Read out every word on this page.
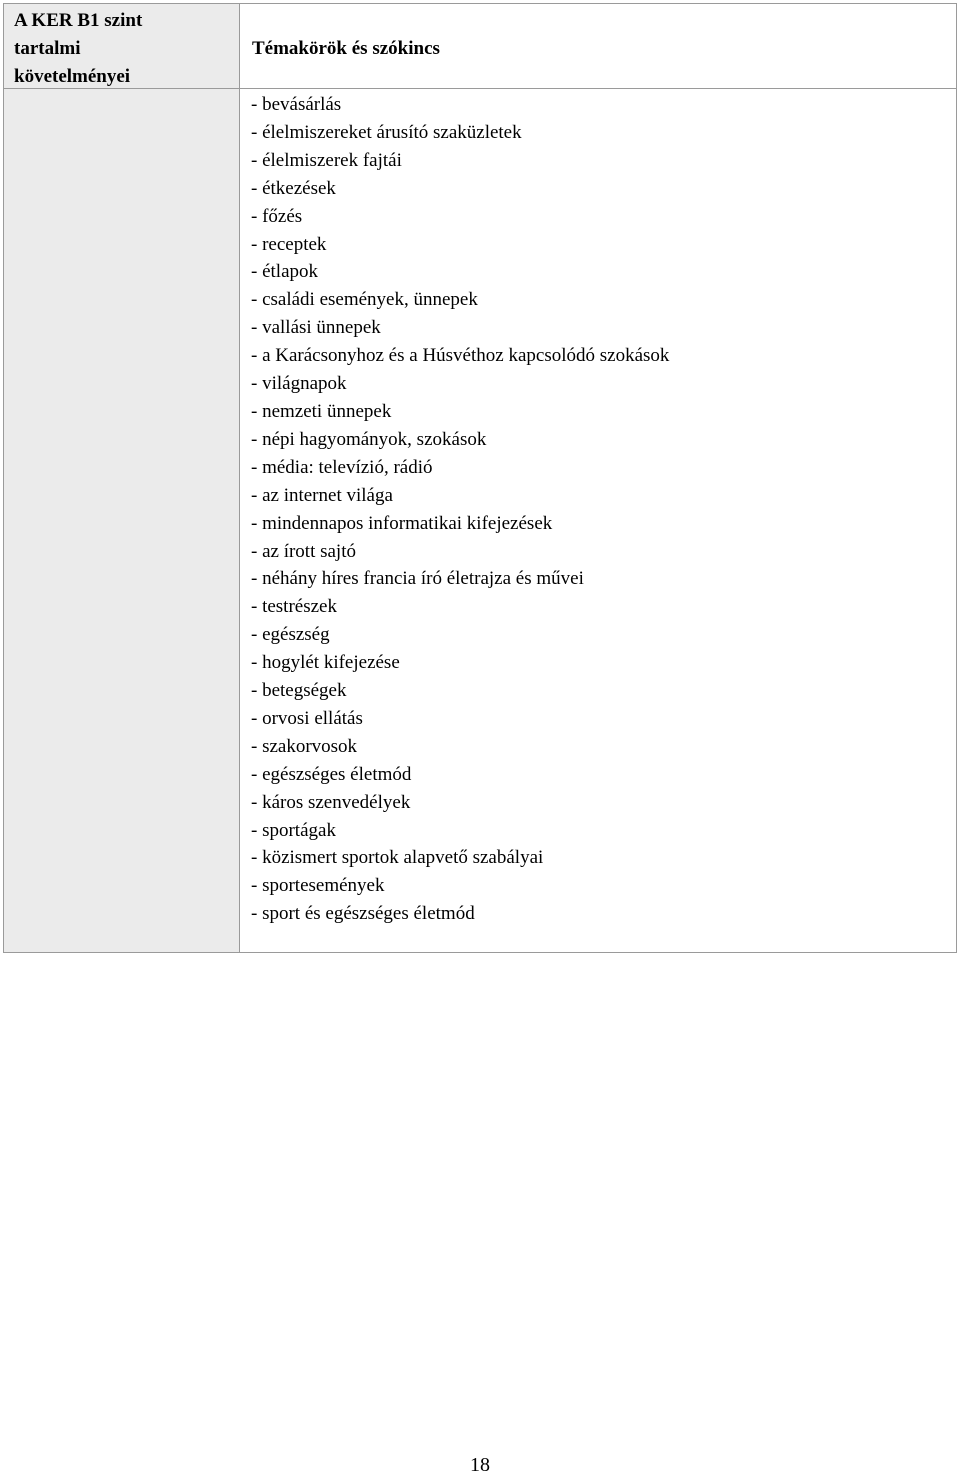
A KER B1 szint
tartalmi
követelményei
Témakörök és szókincs
- bevásárlás
- élelmiszereket árusító szaküzletek
- élelmiszerek fajtái
- étkezések
- főzés
- receptek
- étlapok
- családi események, ünnepek
- vallási ünnepek
- a Karácsonyhoz és a Húsvéthoz kapcsolódó szokások
- világnapok
- nemzeti ünnepek
- népi hagyományok, szokások
- média: televízió, rádió
- az internet világa
- mindennapos informatikai kifejezések
- az írott sajtó
- néhány híres francia író életrajza és művei
- testrészek
- egészség
- hogylét kifejezése
- betegségek
- orvosi ellátás
- szakorvosok
- egészséges életmód
- káros szenvedélyek
- sportágak
- közismert sportok alapvető szabályai
- sportesemények
- sport és egészséges életmód
18
